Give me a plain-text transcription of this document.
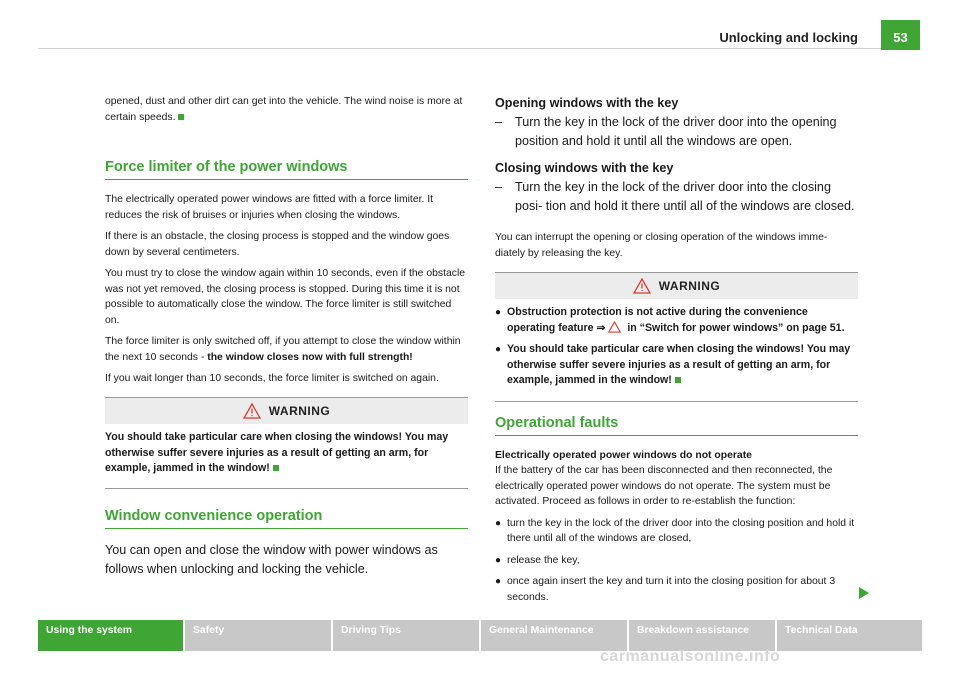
Unlocking and locking	53

opened, dust and other dirt can get into the vehicle. The wind noise is more at certain speeds.

Force limiter of the power windows

The electrically operated power windows are fitted with a force limiter. It reduces the risk of bruises or injuries when closing the windows.

If there is an obstacle, the closing process is stopped and the window goes down by several centimeters.

You must try to close the window again within 10 seconds, even if the obstacle was not yet removed, the closing process is stopped. During this time it is not possible to automatically close the window. The force limiter is still switched on.

The force limiter is only switched off, if you attempt to close the window within the next 10 seconds - the window closes now with full strength!

If you wait longer than 10 seconds, the force limiter is switched on again.

WARNING

You should take particular care when closing the windows! You may otherwise suffer severe injuries as a result of getting an arm, for example, jammed in the window!

Window convenience operation

You can open and close the window with power windows as follows when unlocking and locking the vehicle.

Opening windows with the key

–	Turn the key in the lock of the driver door into the opening position and hold it until all the windows are open.

Closing windows with the key

–	Turn the key in the lock of the driver door into the closing posi- tion and hold it there until all of the windows are closed.

You can interrupt the opening or closing operation of the windows imme- diately by releasing the key.

WARNING
● Obstruction protection is not active during the convenience operating feature ⇒ in “Switch for power windows” on page 51.
● You should take particular care when closing the windows! You may otherwise suffer severe injuries as a result of getting an arm, for example, jammed in the window!
Operational faults

Electrically operated power windows do not operate

If the battery of the car has been disconnected and then reconnected, the electrically operated power windows do not operate. The system must be activated. Proceed as follows in order to re-establish the function:

● turn the key in the lock of the driver door into the closing position and hold it there until all of the windows are closed,
● release the key,
● once again insert the key and turn it into the closing position for about 3 seconds.
Using the system	Safety	Driving Tips	General Maintenance	Breakdown assistance	Technical Data
carmanualsonline.info
